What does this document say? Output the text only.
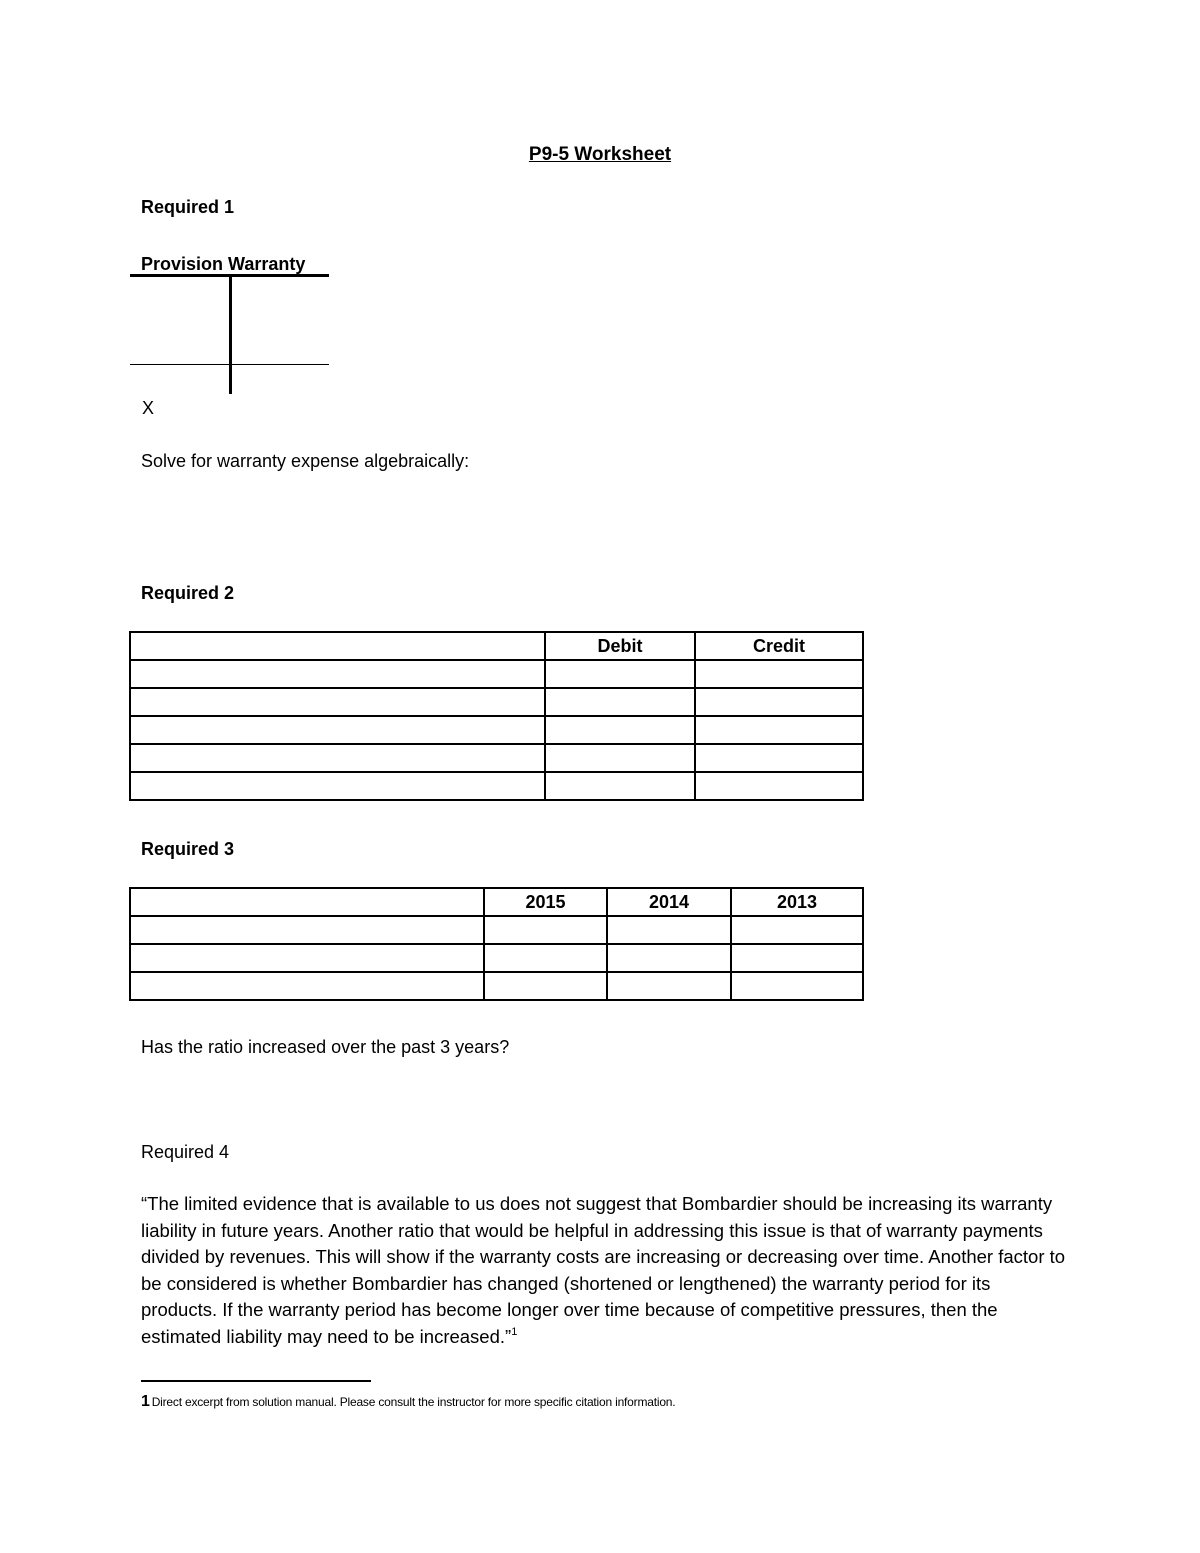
P9-5 Worksheet
Required 1
Provision Warranty
X
Solve for warranty expense algebraically:
Required 2
	Debit	Credit

Required 3
	2015	2014	2013

Has the ratio increased over the past 3 years?
Required 4
“The limited evidence that is available to us does not suggest that Bombardier should be increasing its warranty liability in future years. Another ratio that would be helpful in addressing this issue is that of warranty payments divided by revenues. This will show if the warranty costs are increasing or decreasing over time. Another factor to be considered is whether Bombardier has changed (shortened or lengthened) the warranty period for its products. If the warranty period has become longer over time because of competitive pressures, then the estimated liability may need to be increased.”$^1$
1 Direct excerpt from solution manual. Please consult the instructor for more specific citation information.
